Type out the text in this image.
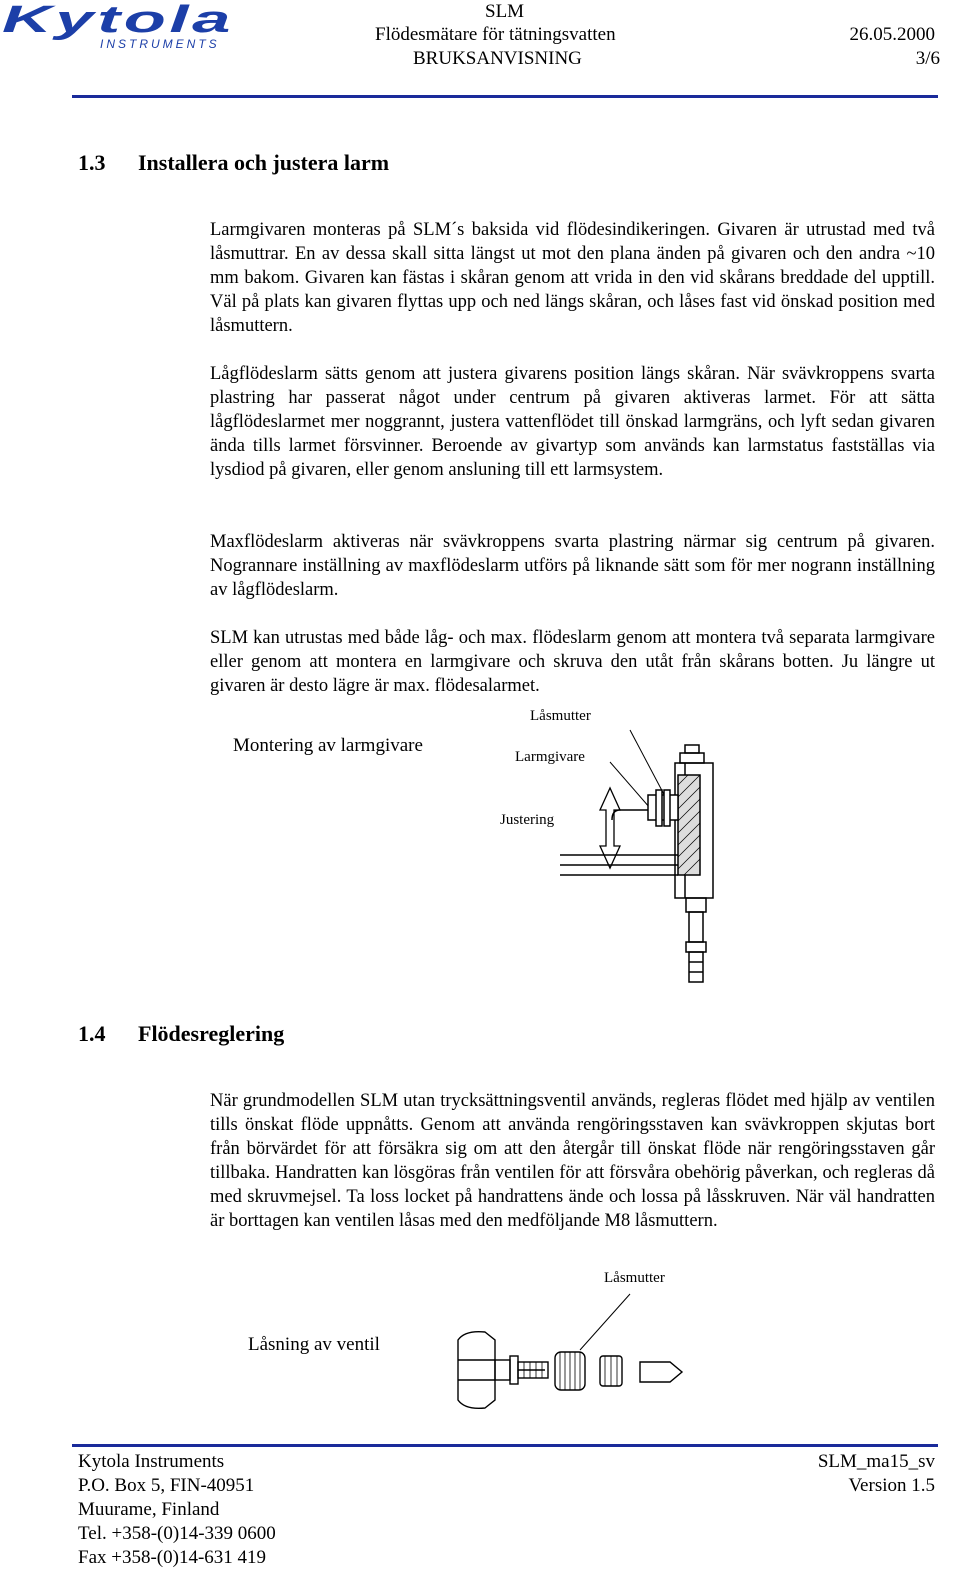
Kytola
INSTRUMENTS
SLM
Flödesmätare för tätningsvatten
BRUKSANVISNING
26.05.2000
3/6
1.3 Installera och justera larm
Larmgivaren monteras på SLM´s baksida vid flödesindikeringen. Givaren är utrustad med två låsmuttrar. En av dessa skall sitta längst ut mot den plana änden på givaren och den andra ~10 mm bakom. Givaren kan fästas i skåran genom att vrida in den vid skårans breddade del upptill. Väl på plats kan givaren flyttas upp och ned längs skåran, och låses fast vid önskad position med låsmuttern.
Lågflödeslarm sätts genom att justera givarens position längs skåran. När svävkroppens svarta plastring har passerat något under centrum på givaren aktiveras larmet. För att sätta lågflödeslarmet mer noggrannt, justera vattenflödet till önskad larmgräns, och lyft sedan givaren ända tills larmet försvinner. Beroende av givartyp som används kan larmstatus fastställas via lysdiod på givaren, eller genom ansluning till ett larmsystem.
Maxflödeslarm aktiveras när svävkroppens svarta plastring närmar sig centrum på givaren. Nogrannare inställning av maxflödeslarm utförs på liknande sätt som för mer nogrann inställning av lågflödeslarm.
SLM kan utrustas med både låg- och max. flödeslarm genom att montera två separata larmgivare eller genom att montera en larmgivare och skruva den utåt från skårans botten. Ju längre ut givaren är desto lägre är max. flödesalarmet.
Montering av larmgivare
Låsmutter
Larmgivare
Justering
1.4 Flödesreglering
När grundmodellen SLM utan trycksättningsventil används, regleras flödet med hjälp av ventilen tills önskat flöde uppnåtts. Genom att använda rengöringsstaven kan svävkroppen skjutas bort från börvärdet för att försäkra sig om att den återgår till önskat flöde när rengöringsstaven går tillbaka. Handratten kan lösgöras från ventilen för att försvåra obehörig påverkan, och regleras då med skruvmejsel. Ta loss locket på handrattens ände och lossa på låsskruven. När väl handratten är borttagen kan ventilen låsas med den medföljande M8 låsmuttern.
Låsning av ventil
Låsmutter
Kytola Instruments
P.O. Box 5, FIN-40951
Muurame, Finland
Tel. +358-(0)14-339 0600
Fax +358-(0)14-631 419
SLM_ma15_sv
Version 1.5
